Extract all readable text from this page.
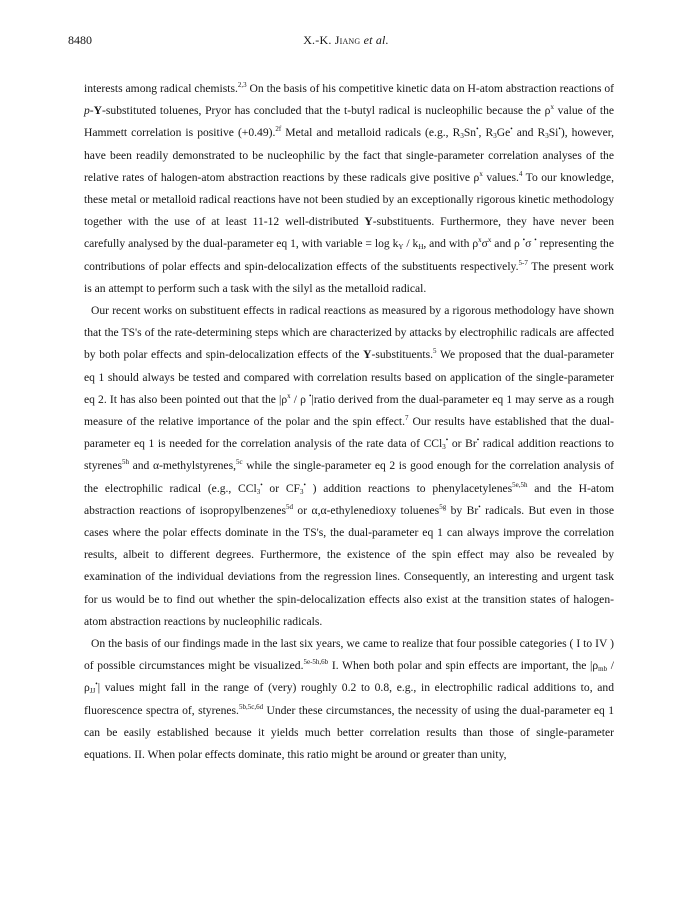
8480	X.-K. Jiang et al.

interests among radical chemists.$^{2,3}$ On the basis of his competitive kinetic data on H-atom abstraction reactions of p-Y-substituted toluenes, Pryor has concluded that the t-butyl radical is nucleophilic because the $\rho^x$ value of the Hammett correlation is positive (+0.49).$^{2f}$ Metal and metalloid radicals (e.g., $R_3Sn^•$, $R_3Ge^•$ and $R_3Si^•$), however, have been readily demonstrated to be nucleophilic by the fact that single-parameter correlation analyses of the relative rates of halogen-atom abstraction reactions by these radicals give positive $\rho^x$ values.$^4$ To our knowledge, these metal or metalloid radical reactions have not been studied by an exceptionally rigorous kinetic methodology together with the use of at least 11-12 well-distributed Y-substituents. Furthermore, they have never been carefully analysed by the dual-parameter eq 1, with variable = $\log k_Y / k_H$, and with $\rho^x\sigma^x$ and ρ •σ • representing the contributions of polar effects and spin-delocalization effects of the substituents respectively.$^{5-7}$ The present work is an attempt to perform such a task with the silyl as the metalloid radical.

Our recent works on substituent effects in radical reactions as measured by a rigorous methodology have shown that the TS's of the rate-determining steps which are characterized by attacks by electrophilic radicals are affected by both polar effects and spin-delocalization effects of the Y-substituents.$^5$ We proposed that the dual-parameter eq 1 should always be tested and compared with correlation results based on application of the single-parameter eq 2. It has also been pointed out that the $|\rho^x$ / ρ •|ratio derived from the dual-parameter eq 1 may serve as a rough measure of the relative importance of the polar and the spin effect.$^7$ Our results have established that the dual-parameter eq 1 is needed for the correlation analysis of the rate data of CCl$_3$• or Br• radical addition reactions to styrenes$^{5h}$ and α-methylstyrenes,$^{5c}$ while the single-parameter eq 2 is good enough for the correlation analysis of the electrophilic radical (e.g., CCl$_3$• or $CF_3^•$ ) addition reactions to phenylacetylenes$^{5e,5h}$ and the H-atom abstraction reactions of isopropylbenzenes$^{5d}$ or α,α-ethylenedioxy toluenes$^{5g}$ by Br• radicals. But even in those cases where the polar effects dominate in the TS's, the dual-parameter eq 1 can always improve the correlation results, albeit to different degrees. Furthermore, the existence of the spin effect may also be revealed by examination of the individual deviations from the regression lines. Consequently, an interesting and urgent task for us would be to find out whether the spin-delocalization effects also exist at the transition states of halogen-atom abstraction reactions by nucleophilic radicals.

On the basis of our findings made in the last six years, we came to realize that four possible categories ( I to IV ) of possible circumstances might be visualized.$^{5e-5h,6b}$ I. When both polar and spin effects are important, the $|\rho_{mb} / \rho_{JJ}^•|$ values might fall in the range of (very) roughly 0.2 to 0.8, e.g., in electrophilic radical additions to, and fluorescence spectra of, styrenes.$^{5b,5c,6d}$ Under these circumstances, the necessity of using the dual-parameter eq 1 can be easily established because it yields much better correlation results than those of single-parameter equations. II. When polar effects dominate, this ratio might be around or greater than unity,
